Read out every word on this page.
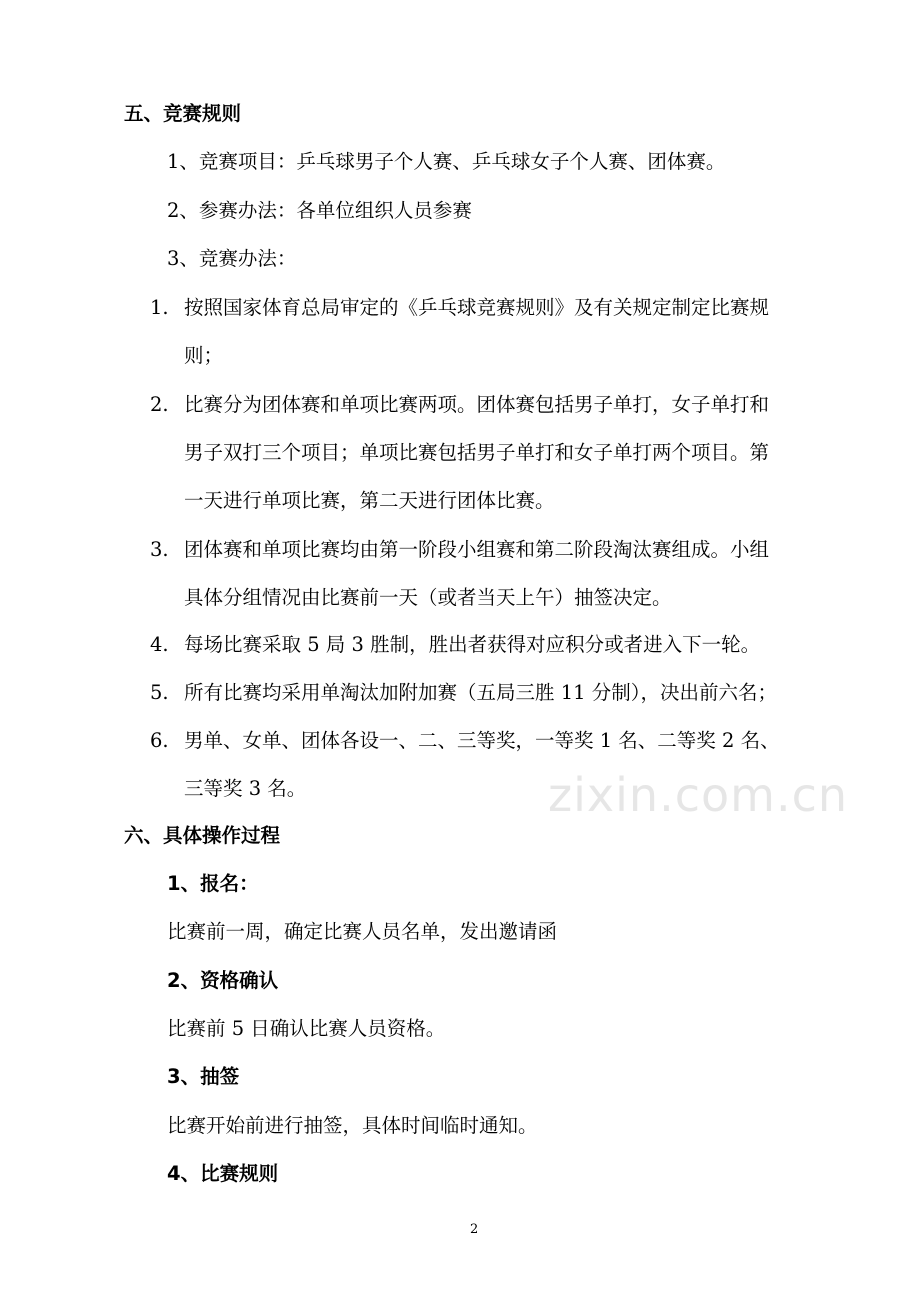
五、竞赛规则
1、竞赛项目：乒乓球男子个人赛、乒乓球女子个人赛、团体赛。
2、参赛办法：各单位组织人员参赛
3、竞赛办法：
1. 按照国家体育总局审定的《乒乓球竞赛规则》及有关规定制定比赛规
则；
2. 比赛分为团体赛和单项比赛两项。团体赛包括男子单打，女子单打和
男子双打三个项目；单项比赛包括男子单打和女子单打两个项目。第
一天进行单项比赛，第二天进行团体比赛。
3. 团体赛和单项比赛均由第一阶段小组赛和第二阶段淘汰赛组成。小组
具体分组情况由比赛前一天（或者当天上午）抽签决定。
4. 每场比赛采取 5 局 3 胜制，胜出者获得对应积分或者进入下一轮。
5. 所有比赛均采用单淘汰加附加赛（五局三胜 11 分制），决出前六名；
6. 男单、女单、团体各设一、二、三等奖，一等奖 1 名、二等奖 2 名、
三等奖 3 名。	zixin.com.cn
六、具体操作过程
1、报名：
比赛前一周，确定比赛人员名单，发出邀请函
2、资格确认
比赛前 5 日确认比赛人员资格。
3、抽签
比赛开始前进行抽签，具体时间临时通知。
4、比赛规则
2
